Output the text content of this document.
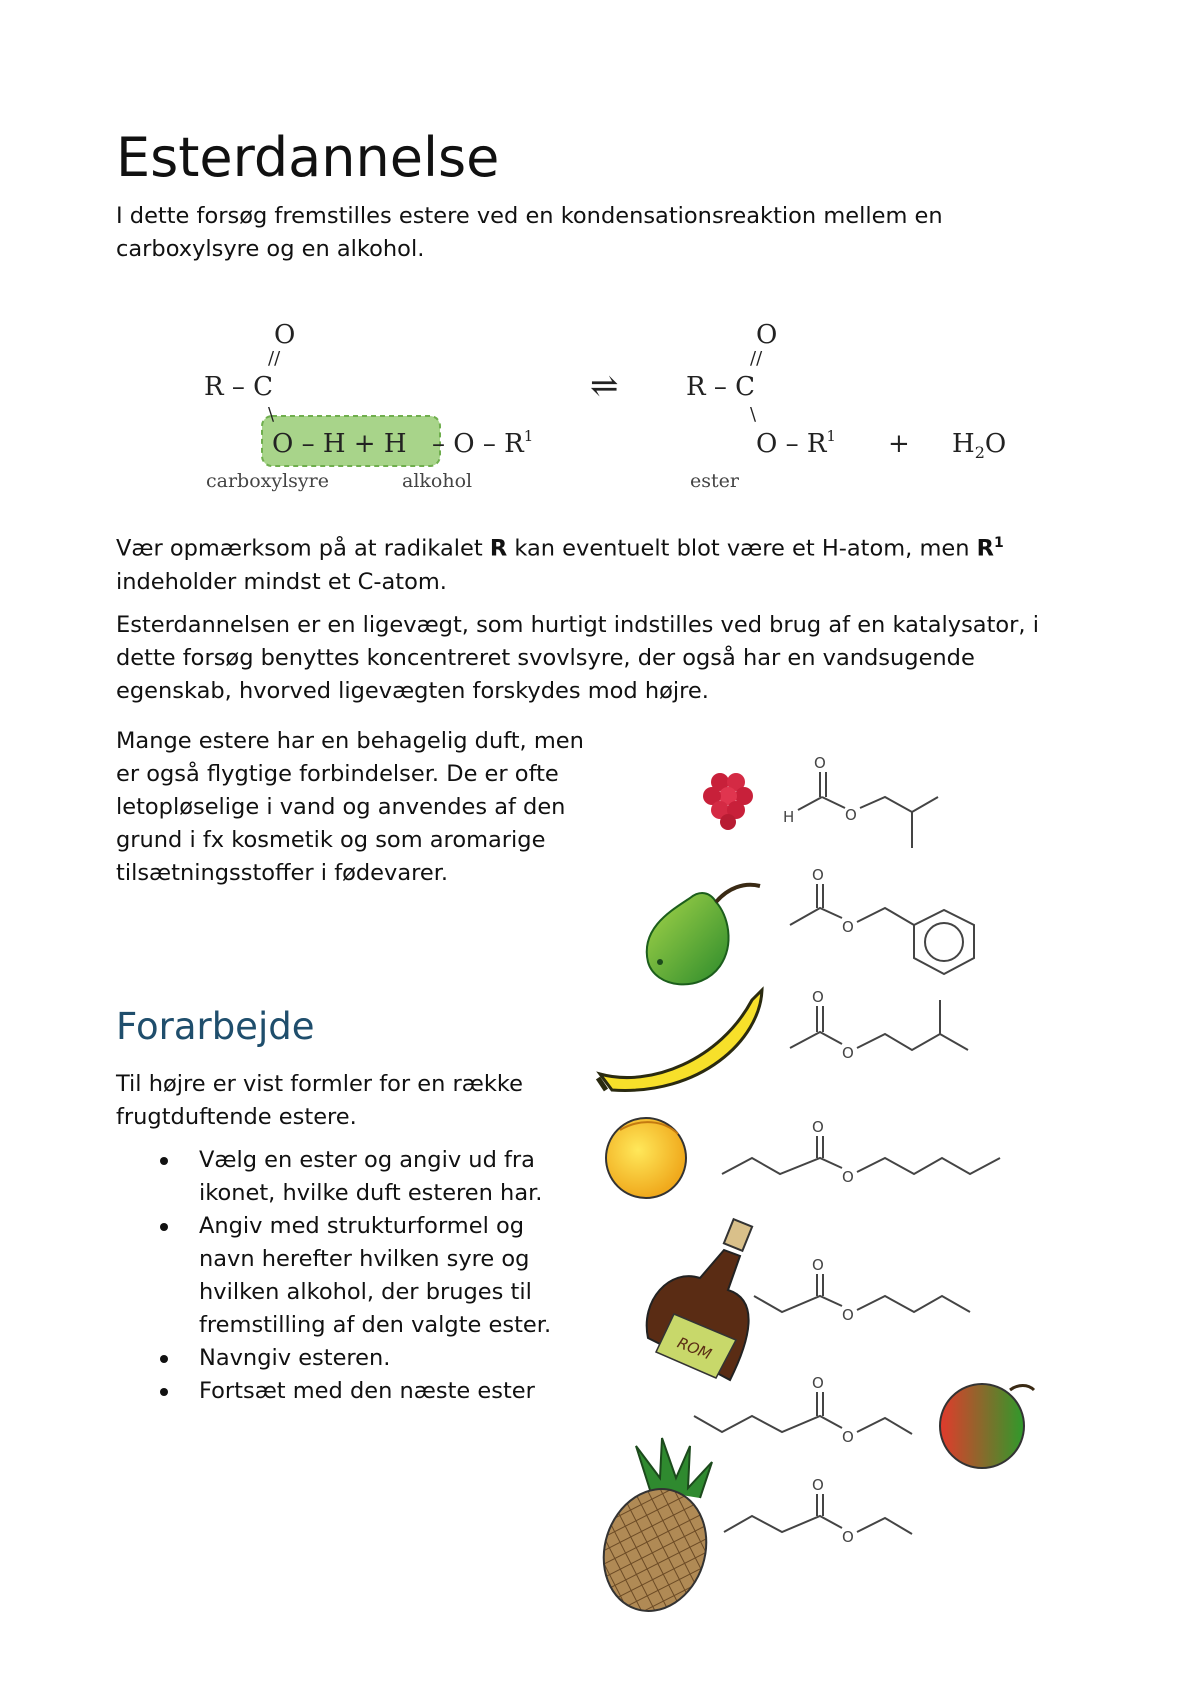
Esterdannelse

I dette forsøg fremstilles estere ved en kondensationsreaktion mellem en carboxylsyre og en alkohol.

O
//
R – C
\
$O - H + H - O - R^1$
carboxylsyre	alkohol
⇌
O
//
R – C
\
O – $R^1$
ester
+ $H_2O$

Vær opmærksom på at radikalet R kan eventuelt blot være et H-atom, men $R^1$
indeholder mindst et C-atom.

Esterdannelsen er en ligevægt, som hurtigt indstilles ved brug af en katalysator, i dette forsøg benyttes koncentreret svovlsyre, der også har en vandsugende egenskab, hvorved ligevægten forskydes mod højre.

Mange estere har en behagelig duft, men er også flygtige forbindelser. De er ofte letopløselige i vand og anvendes af den grund i fx kosmetik og som aromarige tilsætningsstoffer i fødevarer.

Forarbejde

Til højre er vist formler for en række frugtduftende estere.

Vælg en ester og angiv ud fra ikonet, hvilke duft esteren har.
Angiv med strukturformel og navn herefter hvilken syre og hvilken alkohol, der bruges til fremstilling af den valgte ester.
Navngiv esteren.
Fortsæt med den næste ester
O
H	O
O
O
O
O
O
O
ROM
O
O
O
O
O
O
